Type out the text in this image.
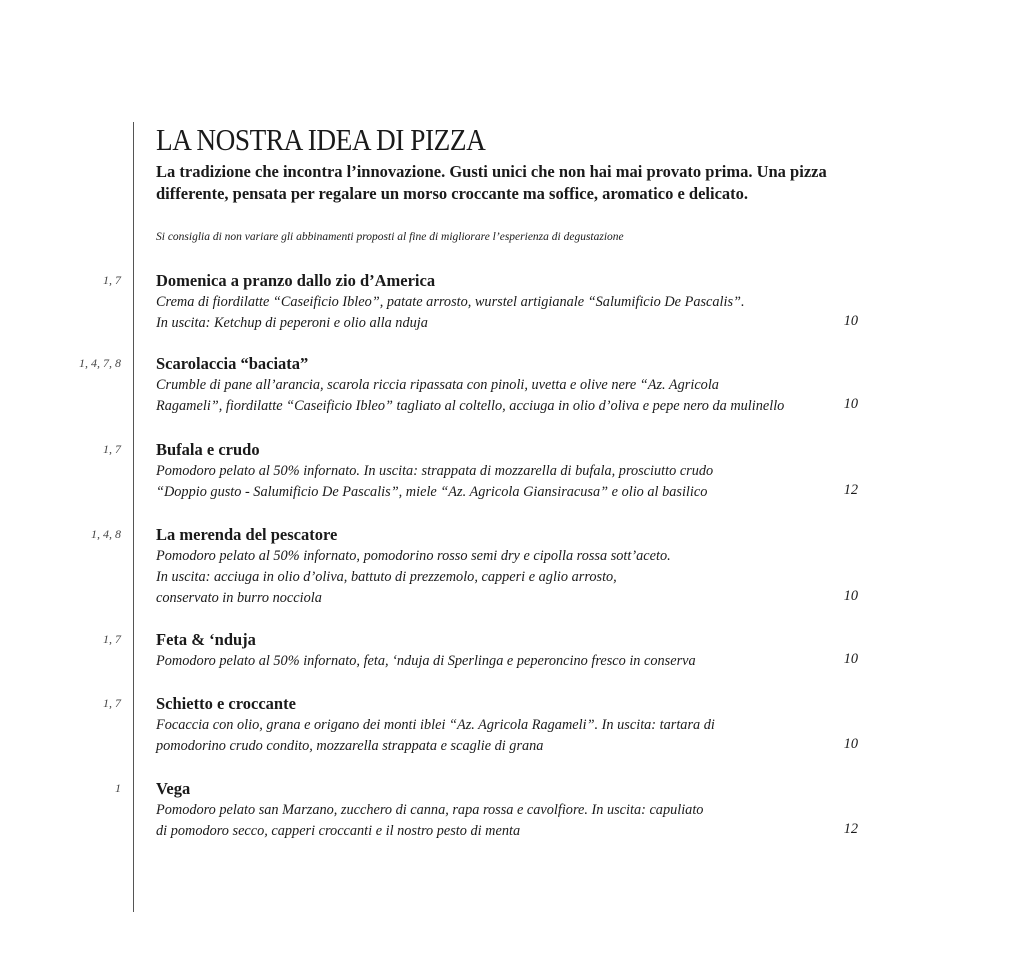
LA NOSTRA IDEA DI PIZZA
La tradizione che incontra l’innovazione. Gusti unici che non hai mai provato prima. Una pizza differente, pensata per regalare un morso croccante ma soffice, aromatico e delicato.
Si consiglia di non variare gli abbinamenti proposti al fine di migliorare l’esperienza di degustazione
1, 7 Domenica a pranzo dallo zio d’America
Crema di fiordilatte “Caseificio Ibleo”, patate arrosto, wurstel artigianale “Salumificio De Pascalis”.
In uscita: Ketchup di peperoni e olio alla nduja	10
1, 4, 7, 8 Scarolaccia “baciata”
Crumble di pane all’arancia, scarola riccia ripassata con pinoli, uvetta e olive nere “Az. Agricola
Ragameli”, fiordilatte “Caseificio Ibleo” tagliato al coltello, acciuga in olio d’oliva e pepe nero da mulinello	10
1, 7 Bufala e crudo
Pomodoro pelato al 50% infornato. In uscita: strappata di mozzarella di bufala, prosciutto crudo
“Doppio gusto - Salumificio De Pascalis”, miele “Az. Agricola Giansiracusa” e olio al basilico	12
1, 4, 8 La merenda del pescatore
Pomodoro pelato al 50% infornato, pomodorino rosso semi dry e cipolla rossa sott’aceto.
In uscita: acciuga in olio d’oliva, battuto di prezzemolo, capperi e aglio arrosto,
conservato in burro nocciola	10
1, 7 Feta & ‘nduja
Pomodoro pelato al 50% infornato, feta, ‘nduja di Sperlinga e peperoncino fresco in conserva	10
1, 7 Schietto e croccante
Focaccia con olio, grana e origano dei monti iblei “Az. Agricola Ragameli”. In uscita: tartara di
pomodorino crudo condito, mozzarella strappata e scaglie di grana	10
1 Vega
Pomodoro pelato san Marzano, zucchero di canna, rapa rossa e cavolfiore. In uscita: capuliato
di pomodoro secco, capperi croccanti e il nostro pesto di menta	12
